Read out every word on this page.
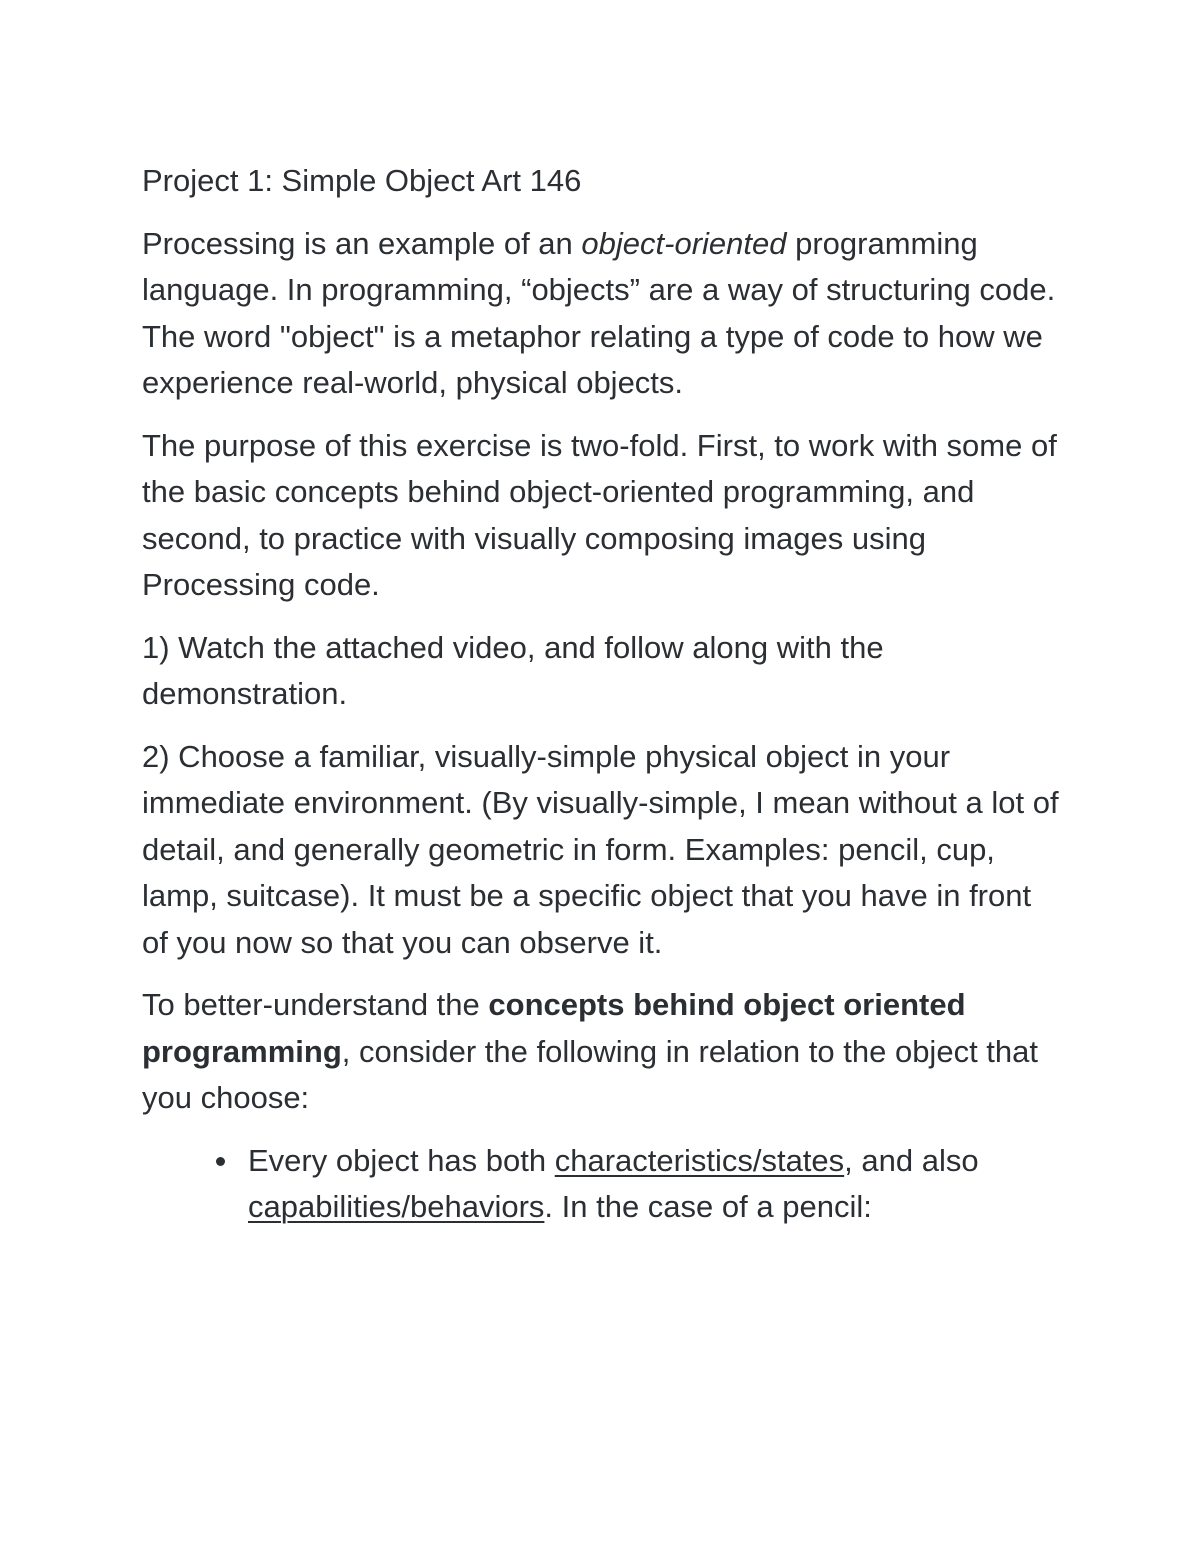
Project 1: Simple Object Art 146

Processing is an example of an object-oriented programming language. In programming, “objects” are a way of structuring code. The word "object" is a metaphor relating a type of code to how we experience real-world, physical objects.

The purpose of this exercise is two-fold. First, to work with some of the basic concepts behind object-oriented programming, and second, to practice with visually composing images using Processing code.

1) Watch the attached video, and follow along with the demonstration.

2) Choose a familiar, visually-simple physical object in your immediate environment. (By visually-simple, I mean without a lot of detail, and generally geometric in form. Examples: pencil, cup, lamp, suitcase). It must be a specific object that you have in front of you now so that you can observe it.

To better-understand the concepts behind object oriented programming, consider the following in relation to the object that you choose:

Every object has both characteristics/states, and also capabilities/behaviors. In the case of a pencil:
